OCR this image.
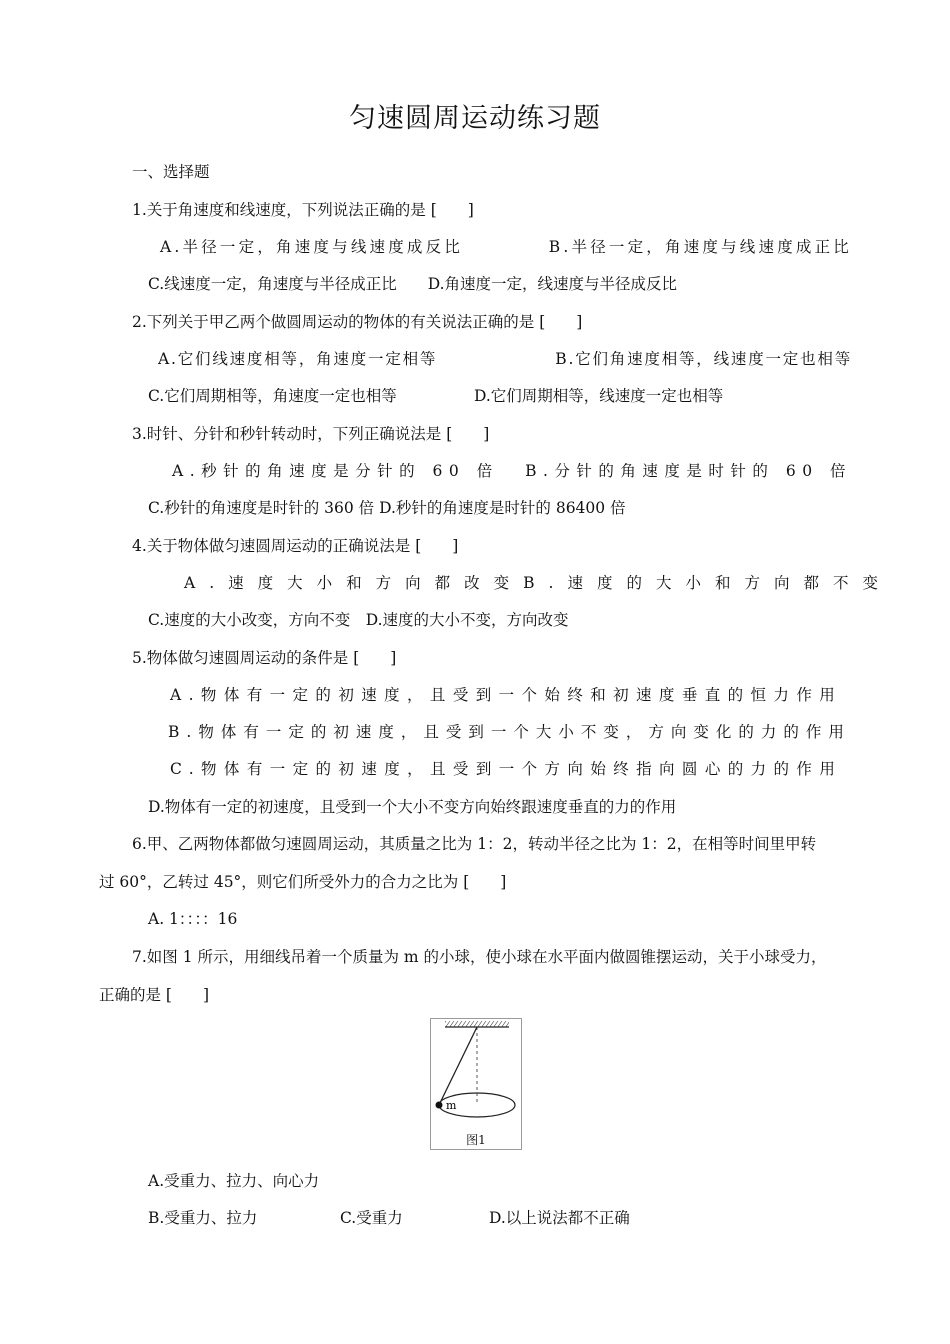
匀速圆周运动练习题
一、选择题
1.关于角速度和线速度，下列说法正确的是 [　　]
A.半径一定，角速度与线速度成反比	B.半径一定，角速度与线速度成正比
C.线速度一定，角速度与半径成正比　　D.角速度一定，线速度与半径成反比
2.下列关于甲乙两个做圆周运动的物体的有关说法正确的是 [　　]
A.它们线速度相等，角速度一定相等	B.它们角速度相等，线速度一定也相等
C.它们周期相等，角速度一定也相等	D.它们周期相等，线速度一定也相等
3.时针、分针和秒针转动时，下列正确说法是 [　　]
A.秒针的角速度是分针的 60 倍 B.分针的角速度是时针的 60 倍
C.秒针的角速度是时针的 360 倍 D.秒针的角速度是时针的 86400 倍
4.关于物体做匀速圆周运动的正确说法是 [　　]
A.速度大小和方向都改变 B.速度的大小和方向都不变
C.速度的大小改变，方向不变　D.速度的大小不变，方向改变
5.物体做匀速圆周运动的条件是 [　　]
A.物体有一定的初速度，且受到一个始终和初速度垂直的恒力作用
B.物体有一定的初速度，且受到一个大小不变，方向变化的力的作用
C.物体有一定的初速度，且受到一个方向始终指向圆心的力的作用
D.物体有一定的初速度，且受到一个大小不变方向始终跟速度垂直的力的作用
6.甲、乙两物体都做匀速圆周运动，其质量之比为 1：2，转动半径之比为 1：2，在相等时间里甲转
过 60°，乙转过 45°，则它们所受外力的合力之比为 [　　]
A. 1：：：：16
7.如图 1 所示，用细线吊着一个质量为 m 的小球，使小球在水平面内做圆锥摆运动，关于小球受力，
正确的是 [　　]
m
图1
A.受重力、拉力、向心力
B.受重力、拉力	C.受重力	D.以上说法都不正确
